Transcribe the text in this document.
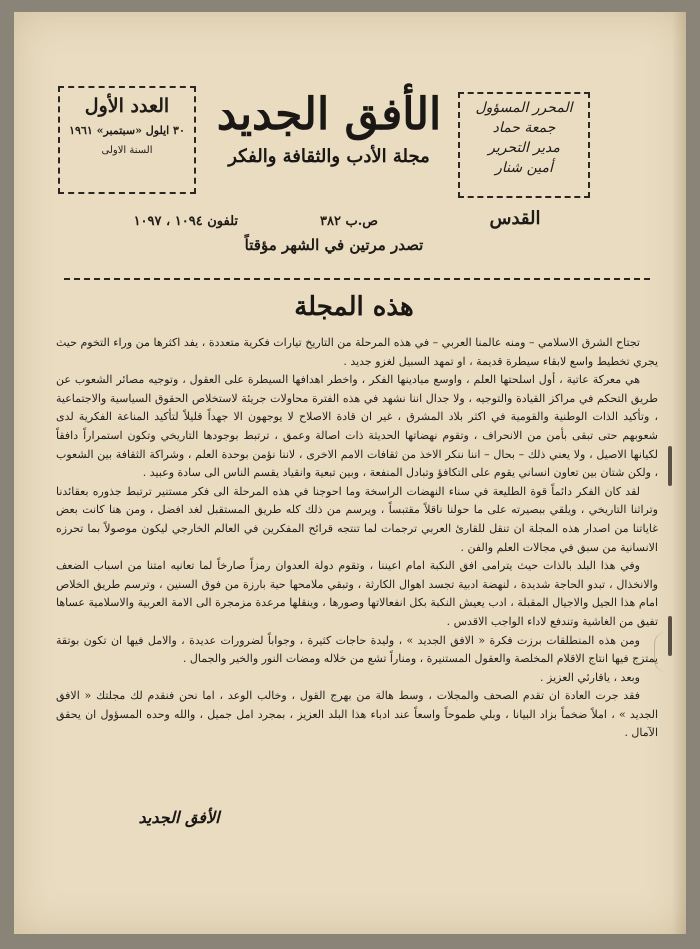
المحرر المسؤول
جمعة حماد
مدير التحرير
أمين شنار
الأفق الجديد
مجلة الأدب والثقافة والفكر
العدد الأول
٣٠ ايلول «سبتمبر» ١٩٦١
السنة الاولى
القدس
ص.ب ٣٨٢
تلفون ١٠٩٤ ، ١٠٩٧
تصدر مرتين في الشهر مؤقتاً
هذه المجلة

تجتاح الشرق الاسلامي – ومنه عالمنا العربي – في هذه المرحلة من التاريخ تيارات فكرية متعددة ، يفد اكثرها من وراء التخوم حيث يجري تخطيط واسع لابقاء سيطرة قديمة ، او تمهد السبيل لغزو جديد .

هي معركة عاتية ، أول اسلحتها العلم ، واوسع ميادينها الفكر ، واخطر اهدافها السيطرة على العقول ، وتوجيه مصائر الشعوب عن طريق التحكم في مراكز القيادة والتوجيه ، ولا جدال اننا نشهد في هذه الفترة محاولات جريئة لاستخلاص الحقوق السياسية والاجتماعية ، وتأكيد الذات الوطنية والقومية في اكثر بلاد المشرق ، غير ان قادة الاصلاح لا يوجهون الا جهداً قليلاً لتأكيد المناعة الفكرية لدى شعوبهم حتى تبقى بأمن من الانحراف ، وتقوم نهضاتها الحديثة ذات اصالة وعمق ، ترتبط بوجودها التاريخي وتكون استمراراً دافقاً لكيانها الاصيل ، ولا يعني ذلك – بحال – اننا ننكر الاخذ من ثقافات الامم الاخرى ، لاننا نؤمن بوحدة العلم ، وشراكة الثقافة بين الشعوب ، ولكن شتان بين تعاون انساني يقوم على التكافؤ وتبادل المنفعة ، وبين تبعية وانقياد يقسم الناس الى سادة وعبيد .

لقد كان الفكر دائماً قوة الطليعة في سناء النهضات الراسخة وما احوجنا في هذه المرحلة الى فكر مستنير ترتبط جذوره بعقائدنا وتراثنا التاريخي ، ويلقي ببصيرته على ما حولنا ناقلاً مقتبساً ، ويرسم من ذلك كله طريق المستقبل لغد افضل ، ومن هنا كانت بعض غاياتنا من اصدار هذه المجلة ان تنقل للقارئ العربي ترجمات لما تنتجه قرائح المفكرين في العالم الخارجي ليكون موصولاً بما تحرزه الانسانية من سبق في مجالات العلم والفن .

وفي هذا البلد بالذات حيث يترامى افق النكبة امام اعيننا ، وتقوم دولة العدوان رمزاً صارخاً لما تعانيه امتنا من اسباب الضعف والانخذال ، تبدو الحاجة شديدة ، لنهضة ادبية تجسد اهوال الكارثة ، وتبقي ملامحها حية بارزة من فوق السنين ، وترسم طريق الخلاص امام هذا الجيل والاجيال المقبلة ، ادب يعيش النكبة بكل انفعالاتها وصورها ، وينقلها مرعدة مزمجرة الى الامة العربية والاسلامية عساها تفيق من الغاشية وتندفع لاداء الواجب الاقدس .

ومن هذه المنطلقات برزت فكرة « الافق الجديد » ، وليدة حاجات كثيرة ، وجواباً لضرورات عديدة ، والامل فيها ان تكون بوتقة يمتزج فيها انتاج الاقلام المخلصة والعقول المستنيرة ، ومناراً تشع من خلاله ومضات النور والخير والجمال .

وبعد ، ياقارئي العزيز .

فقد جرت العادة ان تقدم الصحف والمجلات ، وسط هالة من بهرج القول ، وخالب الوعد ، اما نحن فنقدم لك مجلتك « الافق الجديد » ، املاً ضخماً بزاد البيانا ، وبلي طموحاً واسعاً عند ادباء هذا البلد العزيز ، بمجرد امل جميل ، والله وحده المسؤول ان يحقق الآمال .

الأفق الجديد
